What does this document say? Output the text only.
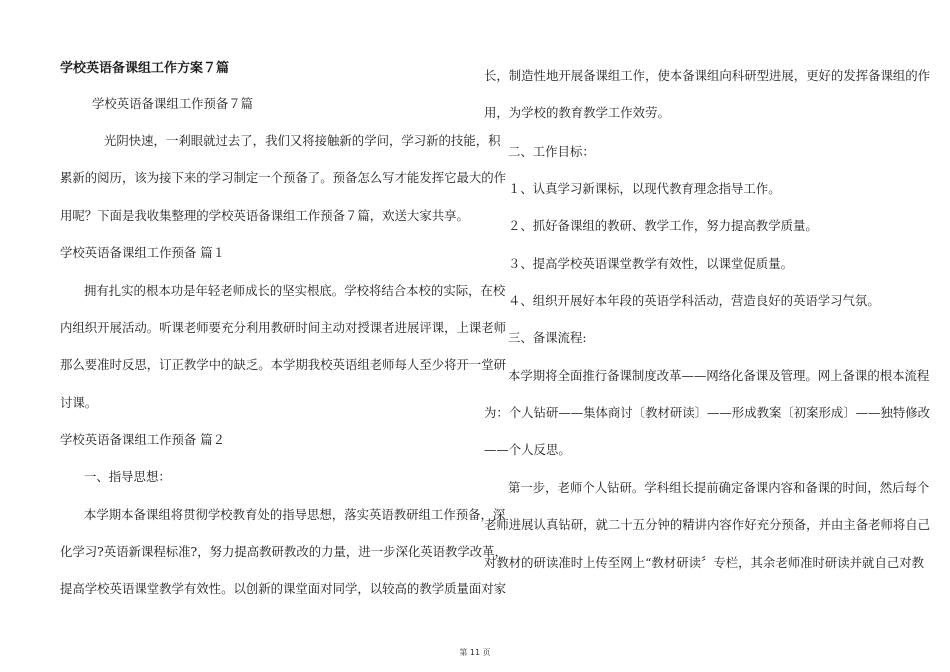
学校英语备课组工作方案７篇
学校英语备课组工作预备７篇
光阴快速，一剎眼就过去了，我们又将接触新的学问，学习新的技能，积
累新的阅历，该为接下来的学习制定一个预备了。预备怎么写才能发挥它最大的作
用呢？下面是我收集整理的学校英语备课组工作预备７篇，欢送大家共享。
学校英语备课组工作预备 篇１
拥有扎实的根本功是年轻老师成长的坚实根底。学校将结合本校的实际，在校
内组织开展活动。听课老师要充分利用教研时间主动对授课者进展评课，上课老师
那么要准时反思，订正教学中的缺乏。本学期我校英语组老师每人至少将开一堂研
讨课。
学校英语备课组工作预备 篇２
一、指导思想：
本学期本备课组将贯彻学校教育处的指导思想，落实英语教研组工作预备，深
化学习?英语新课程标准?，努力提高教研教改的力量，进一步深化英语教学改革，
提高学校英语课堂教学有效性。以创新的课堂面对同学，以较高的教学质量面对家
长，制造性地开展备课组工作，使本备课组向科研型进展，更好的发挥备课组的作
用，为学校的教育教学工作效劳。
二、工作目标：
１、认真学习新课标，以现代教育理念指导工作。
２、抓好备课组的教研、教学工作，努力提高教学质量。
３、提高学校英语课堂教学有效性，以课堂促质量。
４、组织开展好本年段的英语学科活动，营造良好的英语学习气氛。
三、备课流程:
本学期将全面推行备课制度改革——网络化备课及管理。网上备课的根本流程
为：个人钻研——集体商讨〔教材研读〕——形成教案〔初案形成〕——独特修改
——个人反思。
第一步，老师个人钻研。学科组长提前确定备课内容和备课的时间，然后每个
老师进展认真钻研，就二十五分钟的精讲内容作好充分预备，并由主备老师将自己
对教材的研读准时上传至网上“教材研读〞专栏，其余老师准时研读并就自己对教
第 11 页
